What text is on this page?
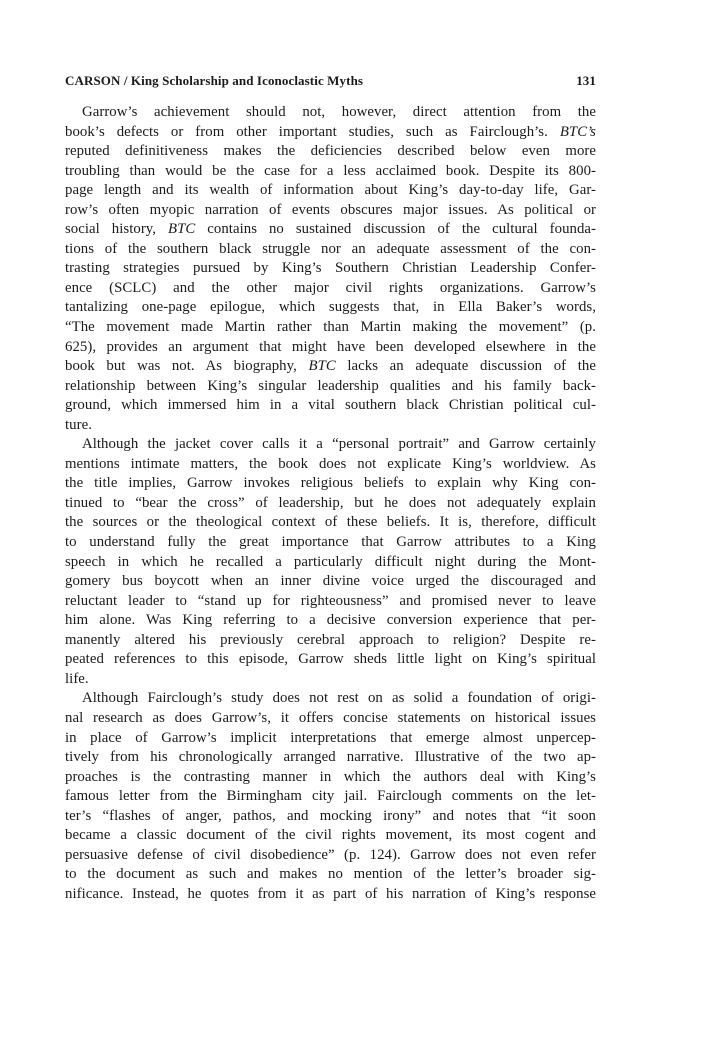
CARSON / King Scholarship and Iconoclastic Myths	131
Garrow’s achievement should not, however, direct attention from the
book’s defects or from other important studies, such as Fairclough’s. BTC’s
reputed definitiveness makes the deficiencies described below even more
troubling than would be the case for a less acclaimed book. Despite its 800-
page length and its wealth of information about King’s day-to-day life, Gar-
row’s often myopic narration of events obscures major issues. As political or
social history, BTC contains no sustained discussion of the cultural founda-
tions of the southern black struggle nor an adequate assessment of the con-
trasting strategies pursued by King’s Southern Christian Leadership Confer-
ence (SCLC) and the other major civil rights organizations. Garrow’s
tantalizing one-page epilogue, which suggests that, in Ella Baker’s words,
“The movement made Martin rather than Martin making the movement” (p.
625), provides an argument that might have been developed elsewhere in the
book but was not. As biography, BTC lacks an adequate discussion of the
relationship between King’s singular leadership qualities and his family back-
ground, which immersed him in a vital southern black Christian political cul-
ture.
Although the jacket cover calls it a “personal portrait” and Garrow certainly
mentions intimate matters, the book does not explicate King’s worldview. As
the title implies, Garrow invokes religious beliefs to explain why King con-
tinued to “bear the cross” of leadership, but he does not adequately explain
the sources or the theological context of these beliefs. It is, therefore, difficult
to understand fully the great importance that Garrow attributes to a King
speech in which he recalled a particularly difficult night during the Mont-
gomery bus boycott when an inner divine voice urged the discouraged and
reluctant leader to “stand up for righteousness” and promised never to leave
him alone. Was King referring to a decisive conversion experience that per-
manently altered his previously cerebral approach to religion? Despite re-
peated references to this episode, Garrow sheds little light on King’s spiritual
life.
Although Fairclough’s study does not rest on as solid a foundation of origi-
nal research as does Garrow’s, it offers concise statements on historical issues
in place of Garrow’s implicit interpretations that emerge almost unpercep-
tively from his chronologically arranged narrative. Illustrative of the two ap-
proaches is the contrasting manner in which the authors deal with King’s
famous letter from the Birmingham city jail. Fairclough comments on the let-
ter’s “flashes of anger, pathos, and mocking irony” and notes that “it soon
became a classic document of the civil rights movement, its most cogent and
persuasive defense of civil disobedience” (p. 124). Garrow does not even refer
to the document as such and makes no mention of the letter’s broader sig-
nificance. Instead, he quotes from it as part of his narration of King’s response
